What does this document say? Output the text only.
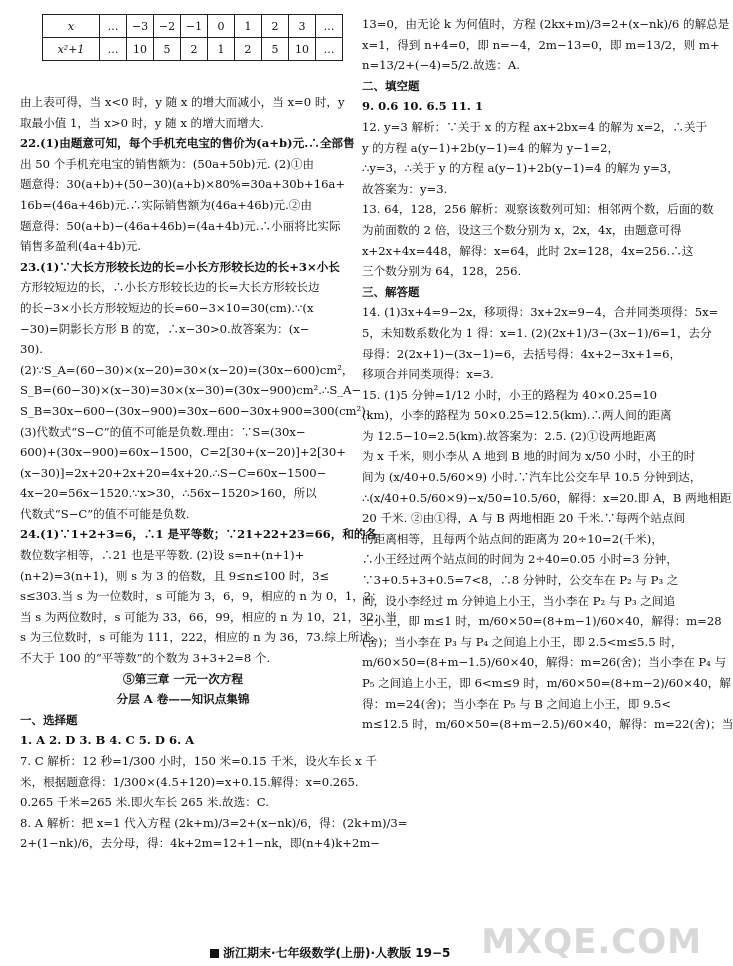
x	…	−3	−2	−1	0	1	2	3	…
x²+1	…	10	5	2	1	2	5	10	…
由上表可得，当 x<0 时，y 随 x 的增大而减小，当 x=0 时，y
取最小值 1，当 x>0 时，y 随 x 的增大而增大.
22.(1)由题意可知，每个手机充电宝的售价为(a+b)元.∴全部售
出 50 个手机充电宝的销售额为：(50a+50b)元. (2)①由
题意得：30(a+b)+(50−30)(a+b)×80%=30a+30b+16a+
16b=(46a+46b)元.∴实际销售额为(46a+46b)元.②由
题意得：50(a+b)−(46a+46b)=(4a+4b)元.∴小丽将比实际
销售多盈利(4a+4b)元.
23.(1)∵大长方形较长边的长=小长方形较长边的长+3×小长
方形较短边的长，∴小长方形较长边的长=大长方形较长边
的长−3×小长方形较短边的长=60−3×10=30(cm).∵(x
−30)=阴影长方形 B 的宽，∴x−30>0.故答案为：(x−
30).
(2)∵S_A=(60−30)×(x−20)=30×(x−20)=(30x−600)cm²，
S_B=(60−30)×(x−30)=30×(x−30)=(30x−900)cm².∴S_A−
S_B=30x−600−(30x−900)=30x−600−30x+900=300(cm²).
(3)代数式“S−C”的值不可能是负数.理由：∵S=(30x−
600)+(30x−900)=60x−1500，C=2[30+(x−20)]+2[30+
(x−30)]=2x+20+2x+20=4x+20.∴S−C=60x−1500−
4x−20=56x−1520.∵x>30，∴56x−1520>160，所以
代数式“S−C”的值不可能是负数.
24.(1)∵1+2+3=6，∴1 是平等数；∵21+22+23=66，和的各
数位数字相等，∴21 也是平等数. (2)设 s=n+(n+1)+
(n+2)=3(n+1)，则 s 为 3 的倍数，且 9≤n≤100 时，3≤
s≤303.当 s 为一位数时，s 可能为 3，6，9，相应的 n 为 0，1，2；
当 s 为两位数时，s 可能为 33，66，99，相应的 n 为 10，21，32；当
s 为三位数时，s 可能为 111，222，相应的 n 为 36，73.综上所述，
不大于 100 的“平等数”的个数为 3+3+2=8 个.
⑤第三章 一元一次方程
分层 A 卷——知识点集锦
一、选择题
1. A 2. D 3. B 4. C 5. D 6. A
7. C 解析：12 秒=1/300 小时，150 米=0.15 千米，设火车长 x 千
米，根据题意得：1/300×(4.5+120)=x+0.15.解得：x=0.265.
0.265 千米=265 米.即火车长 265 米.故选：C.
8. A 解析：把 x=1 代入方程 (2k+m)/3=2+(x−nk)/6，得：(2k+m)/3=
2+(1−nk)/6，去分母，得：4k+2m=12+1−nk，即(n+4)k+2m−
13=0，由无论 k 为何值时，方程 (2kx+m)/3=2+(x−nk)/6 的解总是
x=1，得到 n+4=0，即 n=−4，2m−13=0，即 m=13/2，则 m+
n=13/2+(−4)=5/2.故选：A.
二、填空题
9. 0.6 10. 6.5 11. 1
12. y=3 解析：∵关于 x 的方程 ax+2bx=4 的解为 x=2，∴关于
y 的方程 a(y−1)+2b(y−1)=4 的解为 y−1=2，
∴y=3，∴关于 y 的方程 a(y−1)+2b(y−1)=4 的解为 y=3，
故答案为：y=3.
13. 64，128，256 解析：观察该数列可知：相邻两个数，后面的数
为前面数的 2 倍，设这三个数分别为 x，2x，4x，由题意可得
x+2x+4x=448，解得：x=64，此时 2x=128，4x=256.∴这
三个数分别为 64，128，256.
三、解答题
14. (1)3x+4=9−2x，移项得：3x+2x=9−4，合并同类项得：5x=
5，未知数系数化为 1 得：x=1. (2)(2x+1)/3−(3x−1)/6=1，去分
母得：2(2x+1)−(3x−1)=6，去括号得：4x+2−3x+1=6，
移项合并同类项得：x=3.
15. (1)5 分钟=1/12 小时，小王的路程为 40×0.25=10
(km)，小李的路程为 50×0.25=12.5(km).∴两人间的距离
为 12.5−10=2.5(km).故答案为：2.5. (2)①设两地距离
为 x 千米，则小李从 A 地到 B 地的时间为 x/50 小时，小王的时
间为 (x/40+0.5/60×9) 小时.∵汽车比公交车早 10.5 分钟到达，
∴(x/40+0.5/60×9)−x/50=10.5/60，解得：x=20.即 A，B 两地相距
20 千米. ②由①得，A 与 B 两地相距 20 千米.∵每两个站点间
的距离相等，且每两个站点间的距离为 20÷10=2(千米)，
∴小王经过两个站点间的时间为 2÷40=0.05 小时=3 分钟，
∵3+0.5+3+0.5=7<8，∴8 分钟时，公交车在 P₂ 与 P₃ 之
间，设小李经过 m 分钟追上小王，当小李在 P₂ 与 P₃ 之间追
上小王，即 m≤1 时，m/60×50=(8+m−1)/60×40，解得：m=28
(舍)；当小李在 P₃ 与 P₄ 之间追上小王，即 2.5<m≤5.5 时，
m/60×50=(8+m−1.5)/60×40，解得：m=26(舍)；当小李在 P₄ 与
P₅ 之间追上小王，即 6<m≤9 时，m/60×50=(8+m−2)/60×40，解
得：m=24(舍)；当小李在 P₅ 与 B 之间追上小王，即 9.5<
m≤12.5 时，m/60×50=(8+m−2.5)/60×40，解得：m=22(舍)；当
浙江期末·七年级数学(上册)·人教版 19−5 MXQE.COM
